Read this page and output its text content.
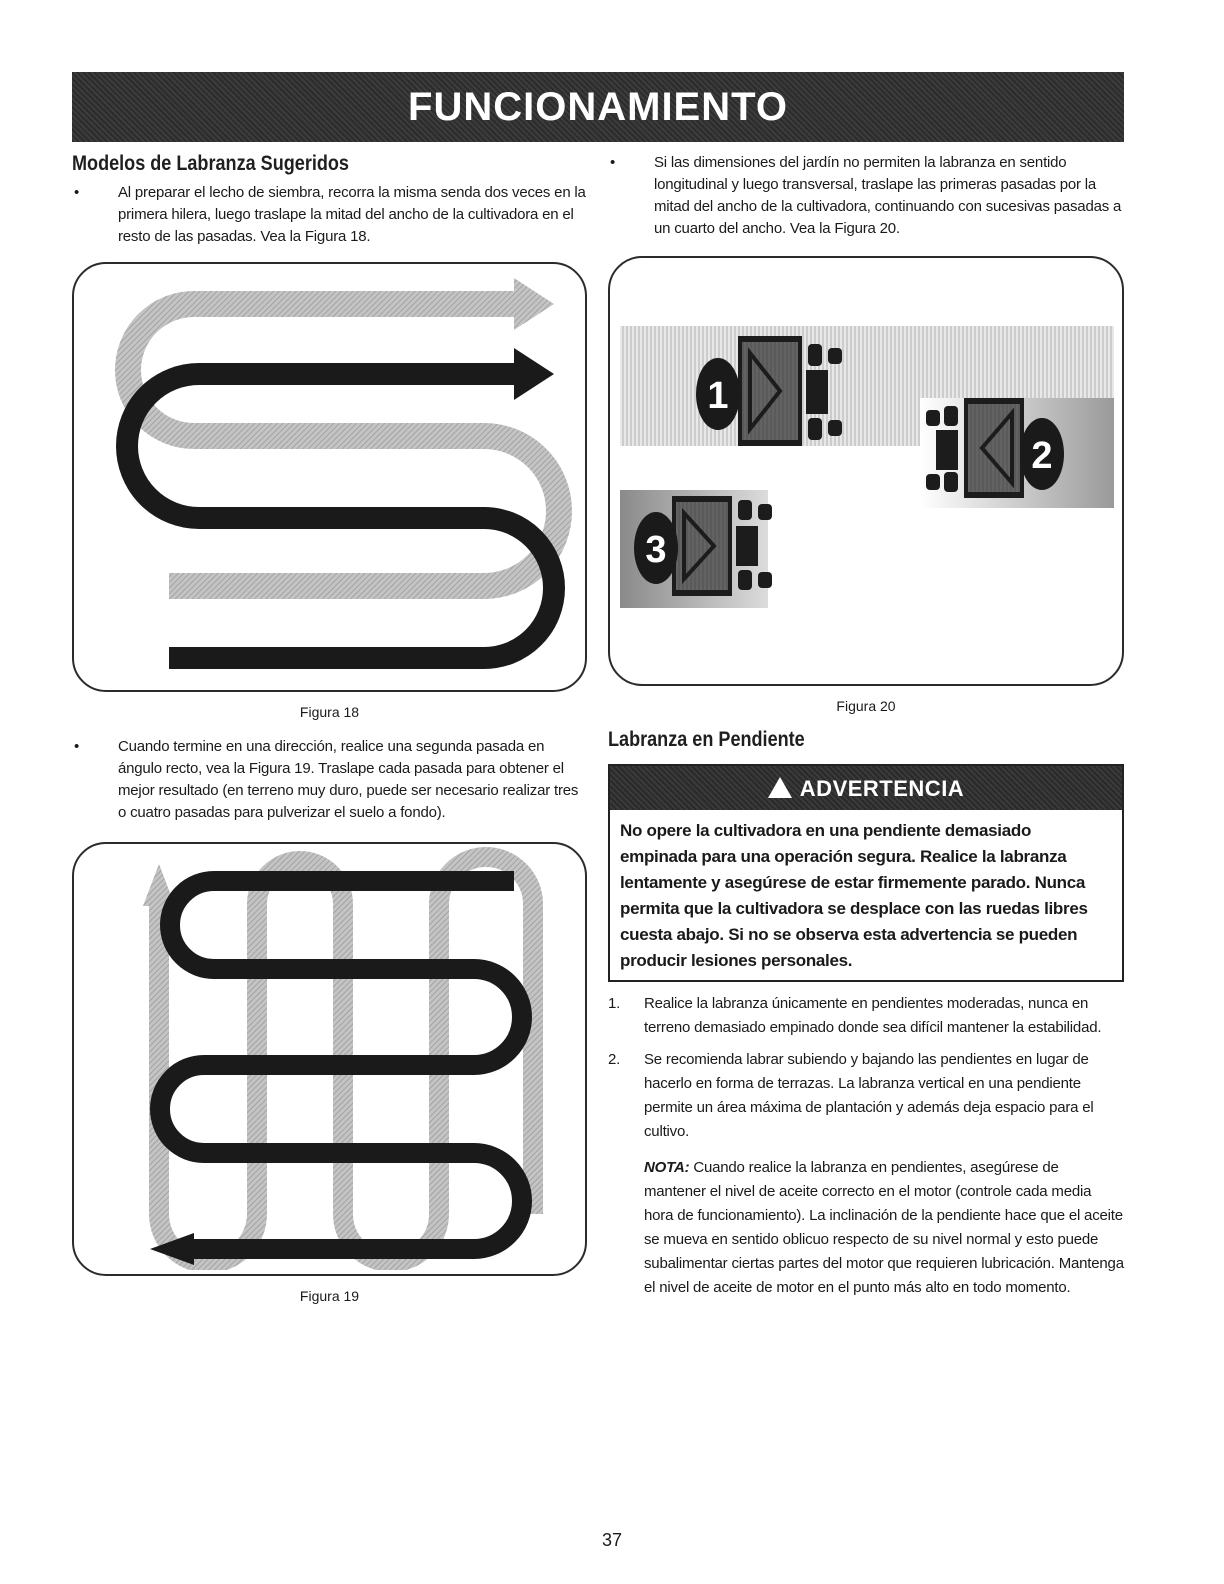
FUNCIONAMIENTO
Modelos de Labranza Sugeridos
•	Al preparar el lecho de siembra, recorra la misma senda dos veces en la primera hilera, luego traslape la mitad del ancho de la cultivadora en el resto de las pasadas. Vea la Figura 18.
Figura 18
•	Cuando termine en una dirección, realice una segunda pasada en ángulo recto, vea la Figura 19. Traslape cada pasada para obtener el mejor resultado (en terreno muy duro, puede ser necesario realizar tres o cuatro pasadas para pulverizar el suelo a fondo).
Figura 19
•	Si las dimensiones del jardín no permiten la labranza en sentido longitudinal y luego transversal, traslape las primeras pasadas por la mitad del ancho de la cultivadora, continuando con sucesivas pasadas a un cuarto del ancho. Vea la Figura 20.
1
2
3
Figura 20
Labranza en Pendiente
ADVERTENCIA
No opere la cultivadora en una pendiente demasiado empinada para una operación segura. Realice la labranza lentamente y asegúrese de estar firmemente parado. Nunca permita que la cultivadora se desplace con las ruedas libres cuesta abajo. Si no se observa esta advertencia se pueden producir lesiones personales.
1. Realice la labranza únicamente en pendientes moderadas, nunca en terreno demasiado empinado donde sea difícil mantener la estabilidad.
2. Se recomienda labrar subiendo y bajando las pendientes en lugar de hacerlo en forma de terrazas. La labranza vertical en una pendiente permite un área máxima de plantación y además deja espacio para el cultivo.
NOTA: Cuando realice la labranza en pendientes, asegúrese de mantener el nivel de aceite correcto en el motor (controle cada media hora de funcionamiento). La inclinación de la pendiente hace que el aceite se mueva en sentido oblicuo respecto de su nivel normal y esto puede subalimentar ciertas partes del motor que requieren lubricación. Mantenga el nivel de aceite de motor en el punto más alto en todo momento.
37
